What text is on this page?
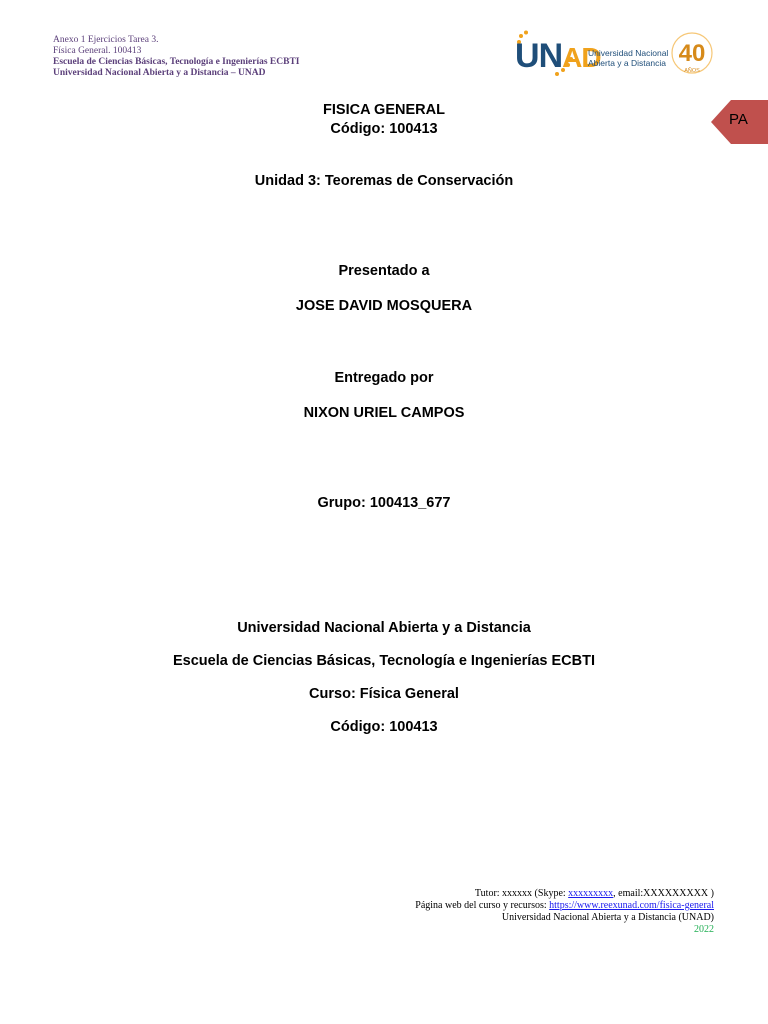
Anexo 1 Ejercicios Tarea 3.
Física General. 100413
Escuela de Ciencias Básicas, Tecnología e Ingenierías ECBTI
Universidad Nacional Abierta y a Distancia – UNAD	UNAD
Universidad Nacional
Abierta y a Distancia 40
AÑOS
PA
FISICA GENERAL
Código: 100413
Unidad 3: Teoremas de Conservación
Presentado a
JOSE DAVID MOSQUERA
Entregado por
NIXON URIEL CAMPOS
Grupo: 100413_677
Universidad Nacional Abierta y a Distancia
Escuela de Ciencias Básicas, Tecnología e Ingenierías ECBTI
Curso: Física General
Código: 100413
Tutor: xxxxxx (Skype: xxxxxxxxx, email:XXXXXXXXX )
Página web del curso y recursos: https://www.reexunad.com/fisica-general
Universidad Nacional Abierta y a Distancia (UNAD)
2022
